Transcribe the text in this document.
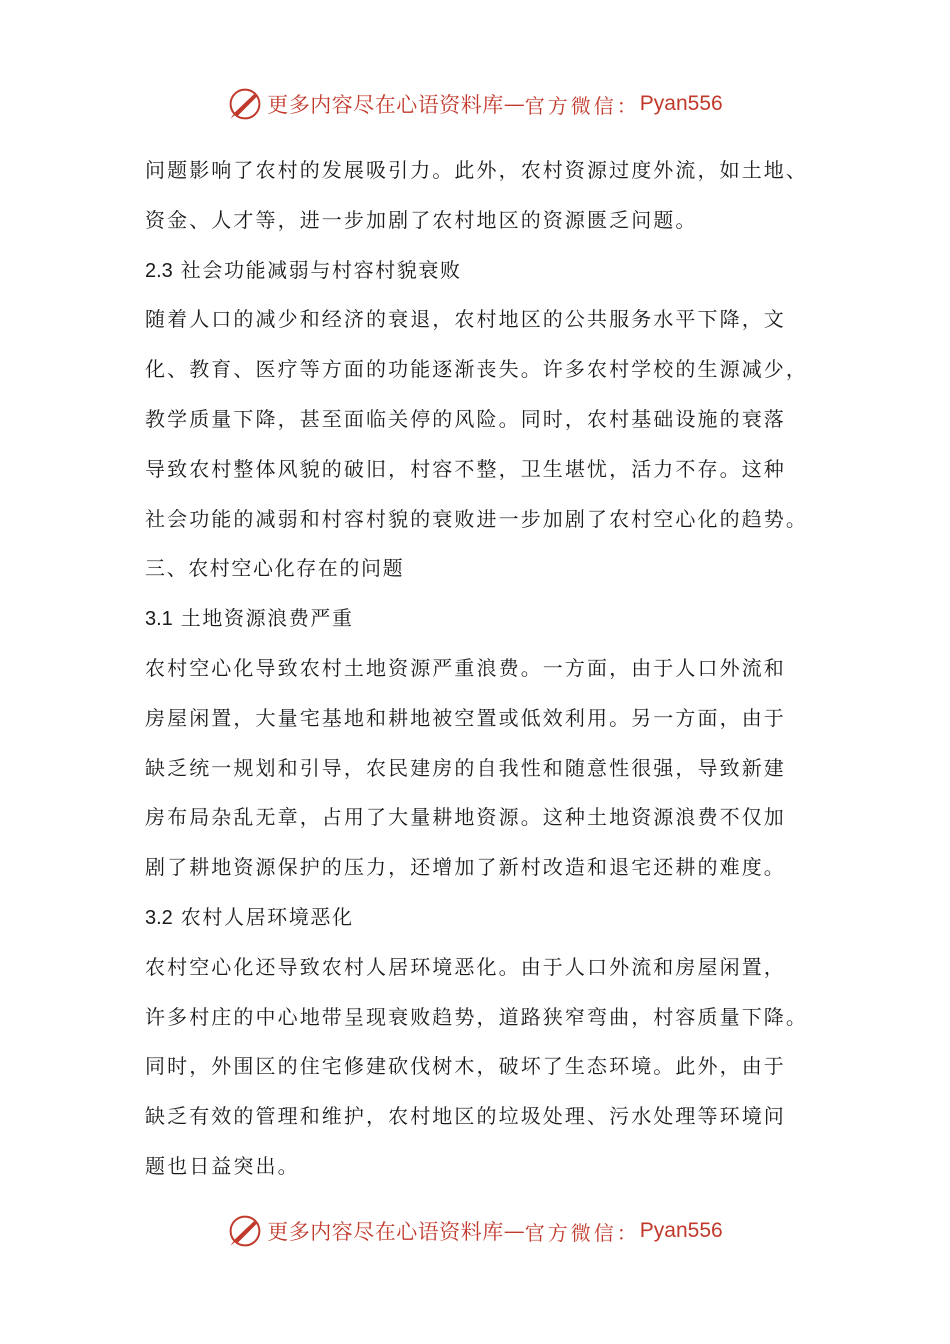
更多内容尽在心语资料库 — 官方微信： Pyan556
问题影响了农村的发展吸引力。此外，农村资源过度外流，如土地、
资金、人才等，进一步加剧了农村地区的资源匮乏问题。
2.3 社会功能减弱与村容村貌衰败
随着人口的减少和经济的衰退，农村地区的公共服务水平下降，文
化、教育、医疗等方面的功能逐渐丧失。许多农村学校的生源减少，
教学质量下降，甚至面临关停的风险。同时，农村基础设施的衰落
导致农村整体风貌的破旧，村容不整，卫生堪忧，活力不存。这种
社会功能的减弱和村容村貌的衰败进一步加剧了农村空心化的趋势。
三、农村空心化存在的问题
3.1 土地资源浪费严重
农村空心化导致农村土地资源严重浪费。一方面，由于人口外流和
房屋闲置，大量宅基地和耕地被空置或低效利用。另一方面，由于
缺乏统一规划和引导，农民建房的自我性和随意性很强，导致新建
房布局杂乱无章，占用了大量耕地资源。这种土地资源浪费不仅加
剧了耕地资源保护的压力，还增加了新村改造和退宅还耕的难度。
3.2 农村人居环境恶化
农村空心化还导致农村人居环境恶化。由于人口外流和房屋闲置，
许多村庄的中心地带呈现衰败趋势，道路狭窄弯曲，村容质量下降。
同时，外围区的住宅修建砍伐树木，破坏了生态环境。此外，由于
缺乏有效的管理和维护，农村地区的垃圾处理、污水处理等环境问
题也日益突出。
更多内容尽在心语资料库 — 官方微信： Pyan556
